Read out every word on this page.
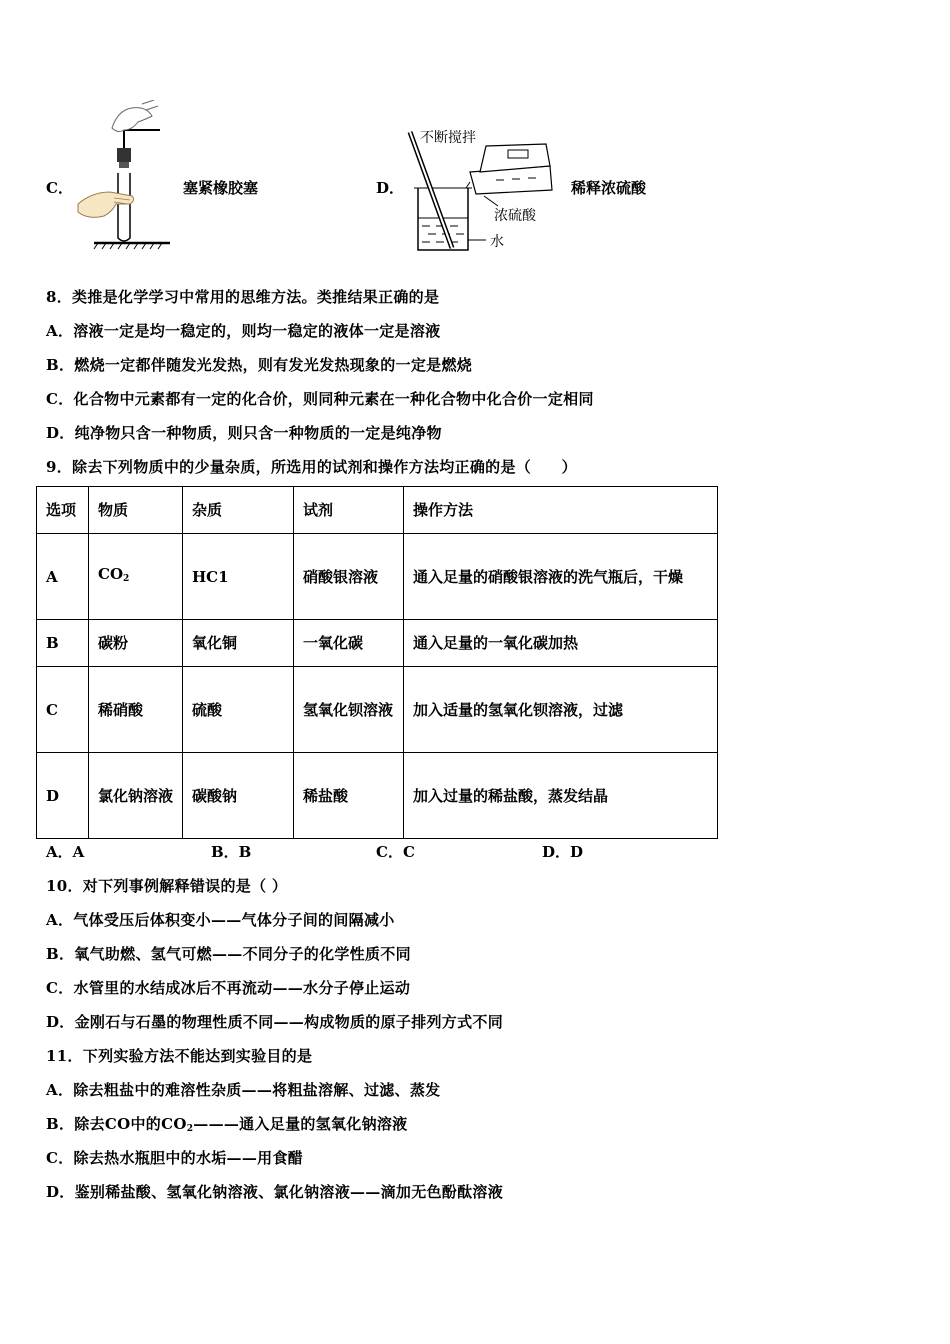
C．	塞紧橡胶塞	D．
不断搅拌
浓硫酸
水
稀释浓硫酸
8．类推是化学学习中常用的思维方法。类推结果正确的是
A．溶液一定是均一稳定的，则均一稳定的液体一定是溶液
B．燃烧一定都伴随发光发热，则有发光发热现象的一定是燃烧
C．化合物中元素都有一定的化合价，则同种元素在一种化合物中化合价一定相同
D．纯净物只含一种物质，则只含一种物质的一定是纯净物
9．除去下列物质中的少量杂质，所选用的试剂和操作方法均正确的是（　　）
选项	物质	杂质	试剂	操作方法
A	$CO_2$	HC1	硝酸银溶液	通入足量的硝酸银溶液的洗气瓶后，干燥
B	碳粉	氧化铜	一氧化碳	通入足量的一氧化碳加热
C	稀硝酸	硫酸	氢氧化钡溶液	加入适量的氢氧化钡溶液，过滤
D	氯化钠溶液	碳酸钠	稀盐酸	加入过量的稀盐酸，蒸发结晶
A．A	B．B	C．C	D．D
10．对下列事例解释错误的是（ ）
A．气体受压后体积变小——气体分子间的间隔减小
B．氧气助燃、氢气可燃——不同分子的化学性质不同
C．水管里的水结成冰后不再流动——水分子停止运动
D．金刚石与石墨的物理性质不同——构成物质的原子排列方式不同
11．下列实验方法不能达到实验目的是
A．除去粗盐中的难溶性杂质——将粗盐溶解、过滤、蒸发
B．除去CO中的$CO_2———$通入足量的氢氧化钠溶液
C．除去热水瓶胆中的水垢——用食醋
D．鉴别稀盐酸、氢氧化钠溶液、氯化钠溶液——滴加无色酚酞溶液
